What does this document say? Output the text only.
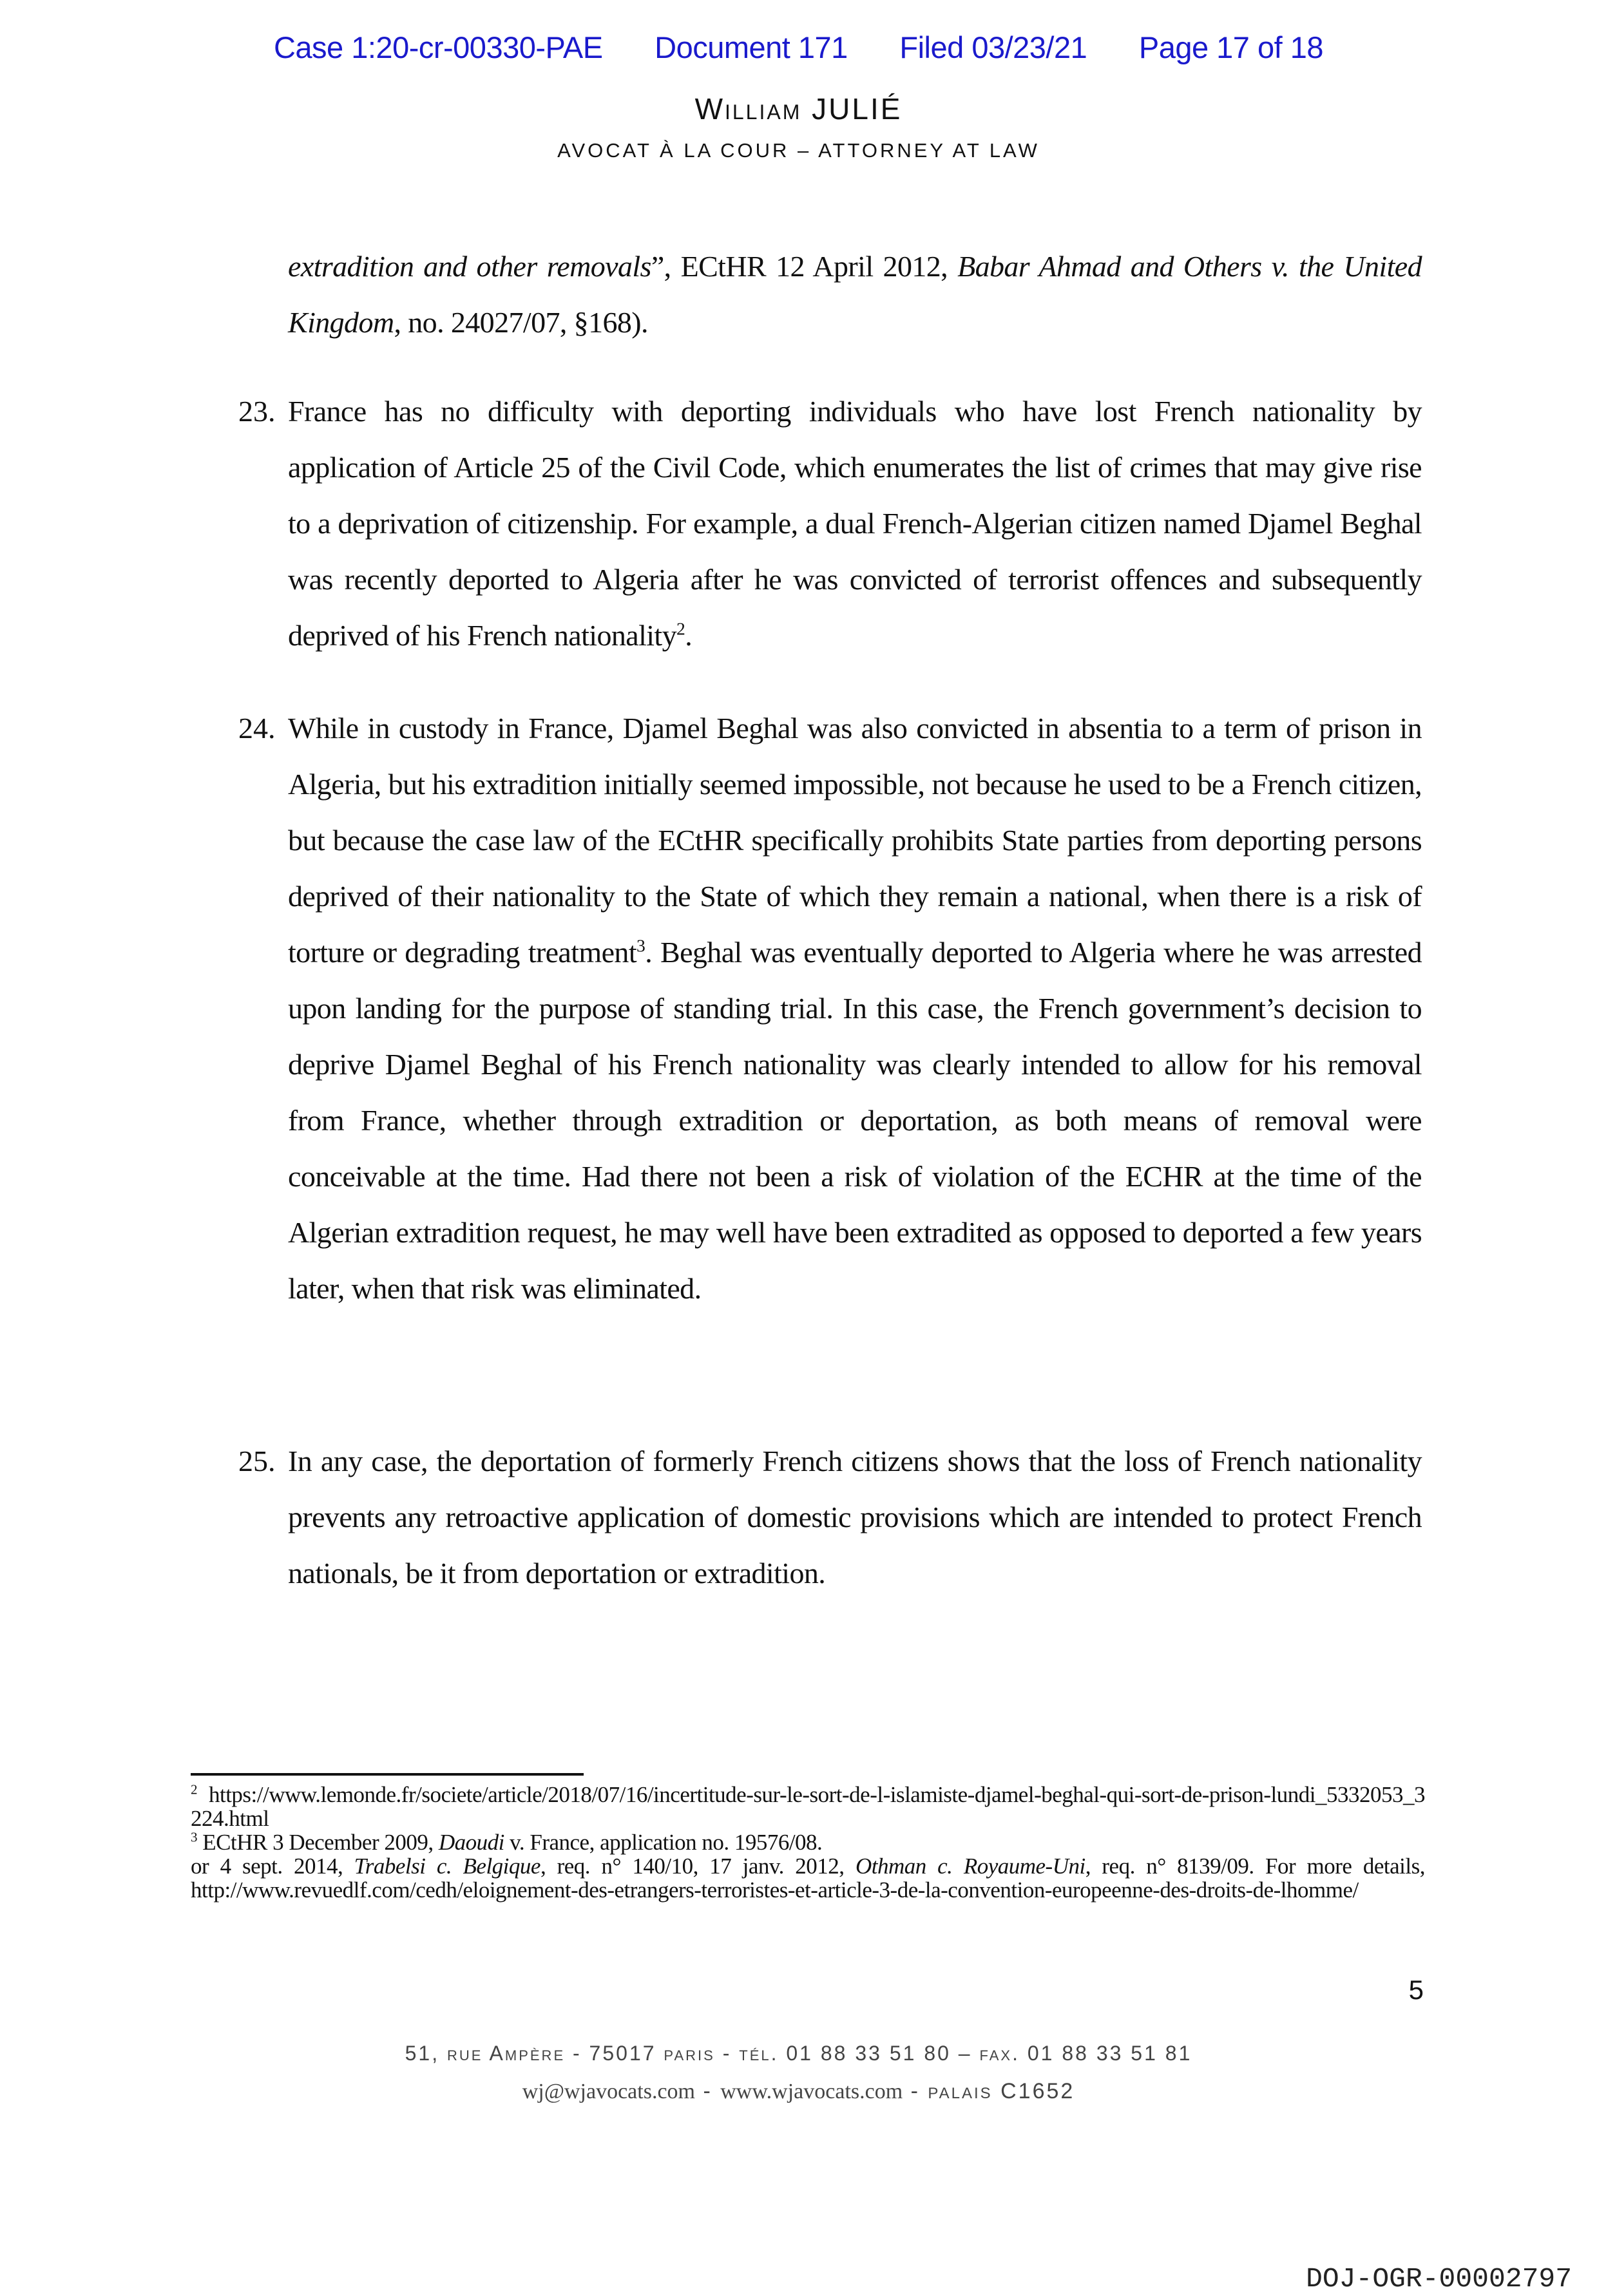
Case 1:20-cr-00330-PAE Document 171 Filed 03/23/21 Page 17 of 18
William JULIÉ
AVOCAT À LA COUR – ATTORNEY AT LAW
extradition and other removals”, ECtHR 12 April 2012, Babar Ahmad and Others v. the United Kingdom, no. 24027/07, §168).
23. France has no difficulty with deporting individuals who have lost French nationality by application of Article 25 of the Civil Code, which enumerates the list of crimes that may give rise to a deprivation of citizenship. For example, a dual French-Algerian citizen named Djamel Beghal was recently deported to Algeria after he was convicted of terrorist offences and subsequently deprived of his French nationality$^2$.
24. While in custody in France, Djamel Beghal was also convicted in absentia to a term of prison in Algeria, but his extradition initially seemed impossible, not because he used to be a French citizen, but because the case law of the ECtHR specifically prohibits State parties from deporting persons deprived of their nationality to the State of which they remain a national, when there is a risk of torture or degrading treatment$^3$. Beghal was eventually deported to Algeria where he was arrested upon landing for the purpose of standing trial. In this case, the French government’s decision to deprive Djamel Beghal of his French nationality was clearly intended to allow for his removal from France, whether through extradition or deportation, as both means of removal were conceivable at the time. Had there not been a risk of violation of the ECHR at the time of the Algerian extradition request, he may well have been extradited as opposed to deported a few years later, when that risk was eliminated.
25. In any case, the deportation of formerly French citizens shows that the loss of French nationality prevents any retroactive application of domestic provisions which are intended to protect French nationals, be it from deportation or extradition.
$^2$ https://www.lemonde.fr/societe/article/2018/07/16/incertitude-sur-le-sort-de-l-islamiste-djamel-beghal-qui-sort-de-prison-lundi_5332053_3224.html
$^3$ ECtHR 3 December 2009, Daoudi v. France, application no. 19576/08.
or 4 sept. 2014, Trabelsi c. Belgique, req. n° 140/10, 17 janv. 2012, Othman c. Royaume-Uni, req. n° 8139/09. For more details, http://www.revuedlf.com/cedh/eloignement-des-etrangers-terroristes-et-article-3-de-la-convention-europeenne-des-droits-de-lhomme/
5
51, rue Ampère - 75017 paris - tél. 01 88 33 51 80 – fax. 01 88 33 51 81
wj@wjavocats.com - www.wjavocats.com - palais C1652
DOJ-OGR-00002797
